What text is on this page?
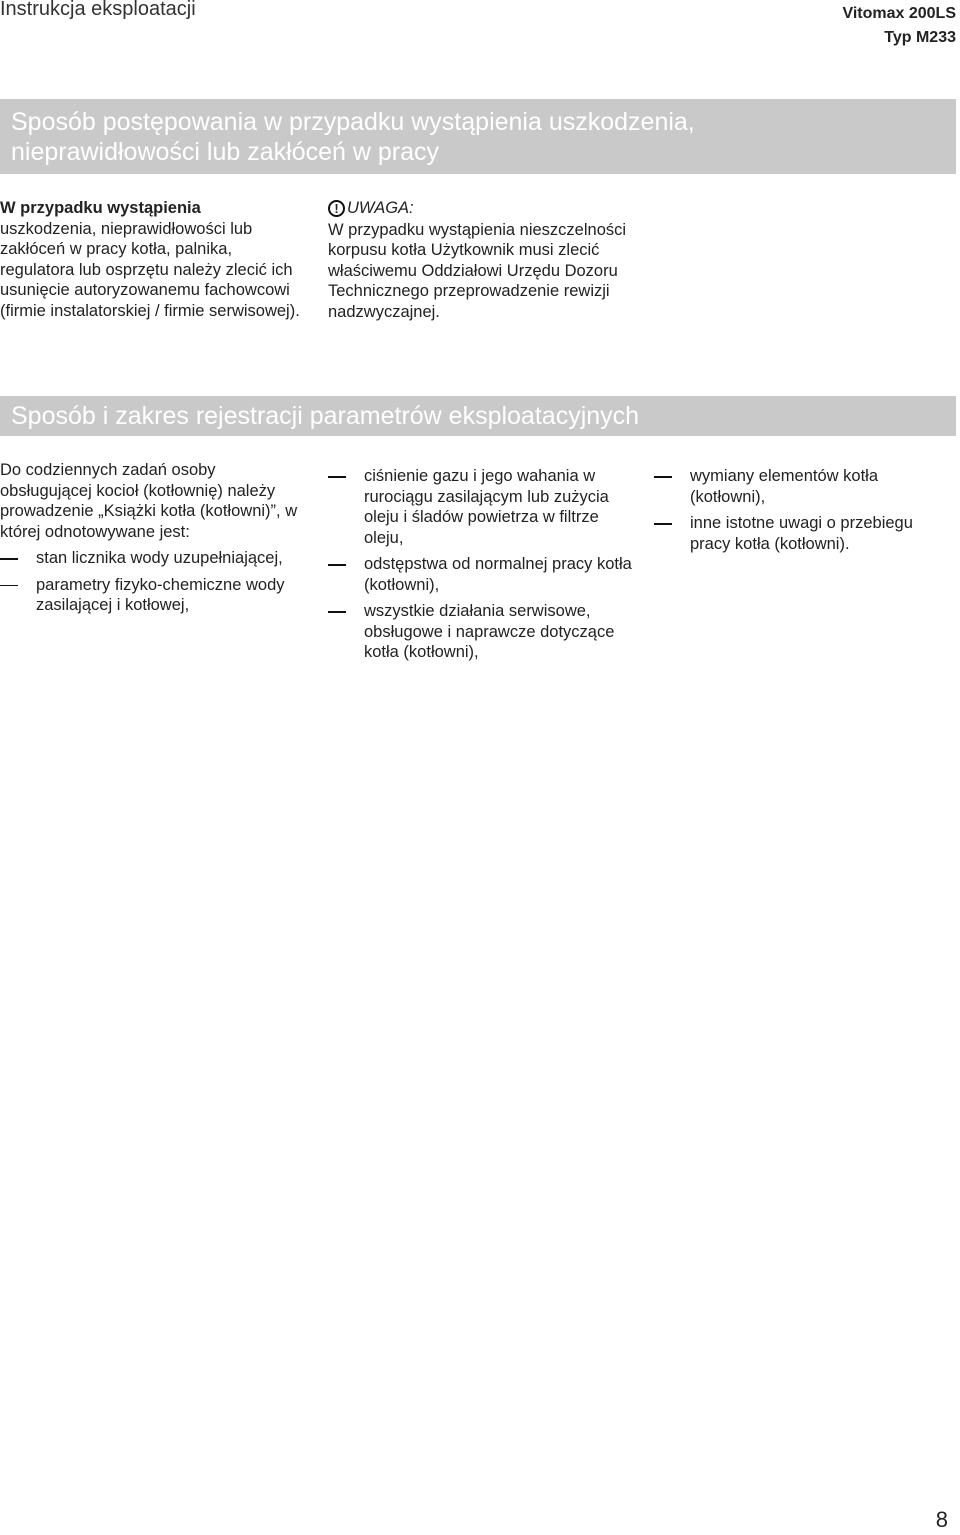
Instrukcja eksploatacji	Vitomax 200LS
Typ M233
Sposób postępowania w przypadku wystąpienia uszkodzenia,
nieprawidłowości lub zakłóceń w pracy
W przypadku wystąpienia uszkodzenia, nieprawidłowości lub zakłóceń w pracy kotła, palnika, regulatora lub osprzętu należy zlecić ich usunięcie autoryzowanemu fachowcowi (firmie instalatorskiej / firmie serwisowej).
! UWAGA:
W przypadku wystąpienia nieszczelności korpusu kotła Użytkownik musi zlecić właściwemu Oddziałowi Urzędu Dozoru Technicznego przeprowadzenie rewizji nadzwyczajnej.
Sposób i zakres rejestracji parametrów eksploatacyjnych
Do codziennych zadań osoby obsługującej kocioł (kotłownię) należy prowadzenie „Książki kotła (kotłowni)”, w której odnotowywane jest:
stan licznika wody uzupełniającej,
parametry fizyko-chemiczne wody zasilającej i kotłowej,
ciśnienie gazu i jego wahania w rurociągu zasilającym lub zużycia oleju i śladów powietrza w filtrze oleju,
odstępstwa od normalnej pracy kotła (kotłowni),
wszystkie działania serwisowe, obsługowe i naprawcze dotyczące kotła (kotłowni),
wymiany elementów kotła (kotłowni),
inne istotne uwagi o przebiegu pracy kotła (kotłowni).
8
